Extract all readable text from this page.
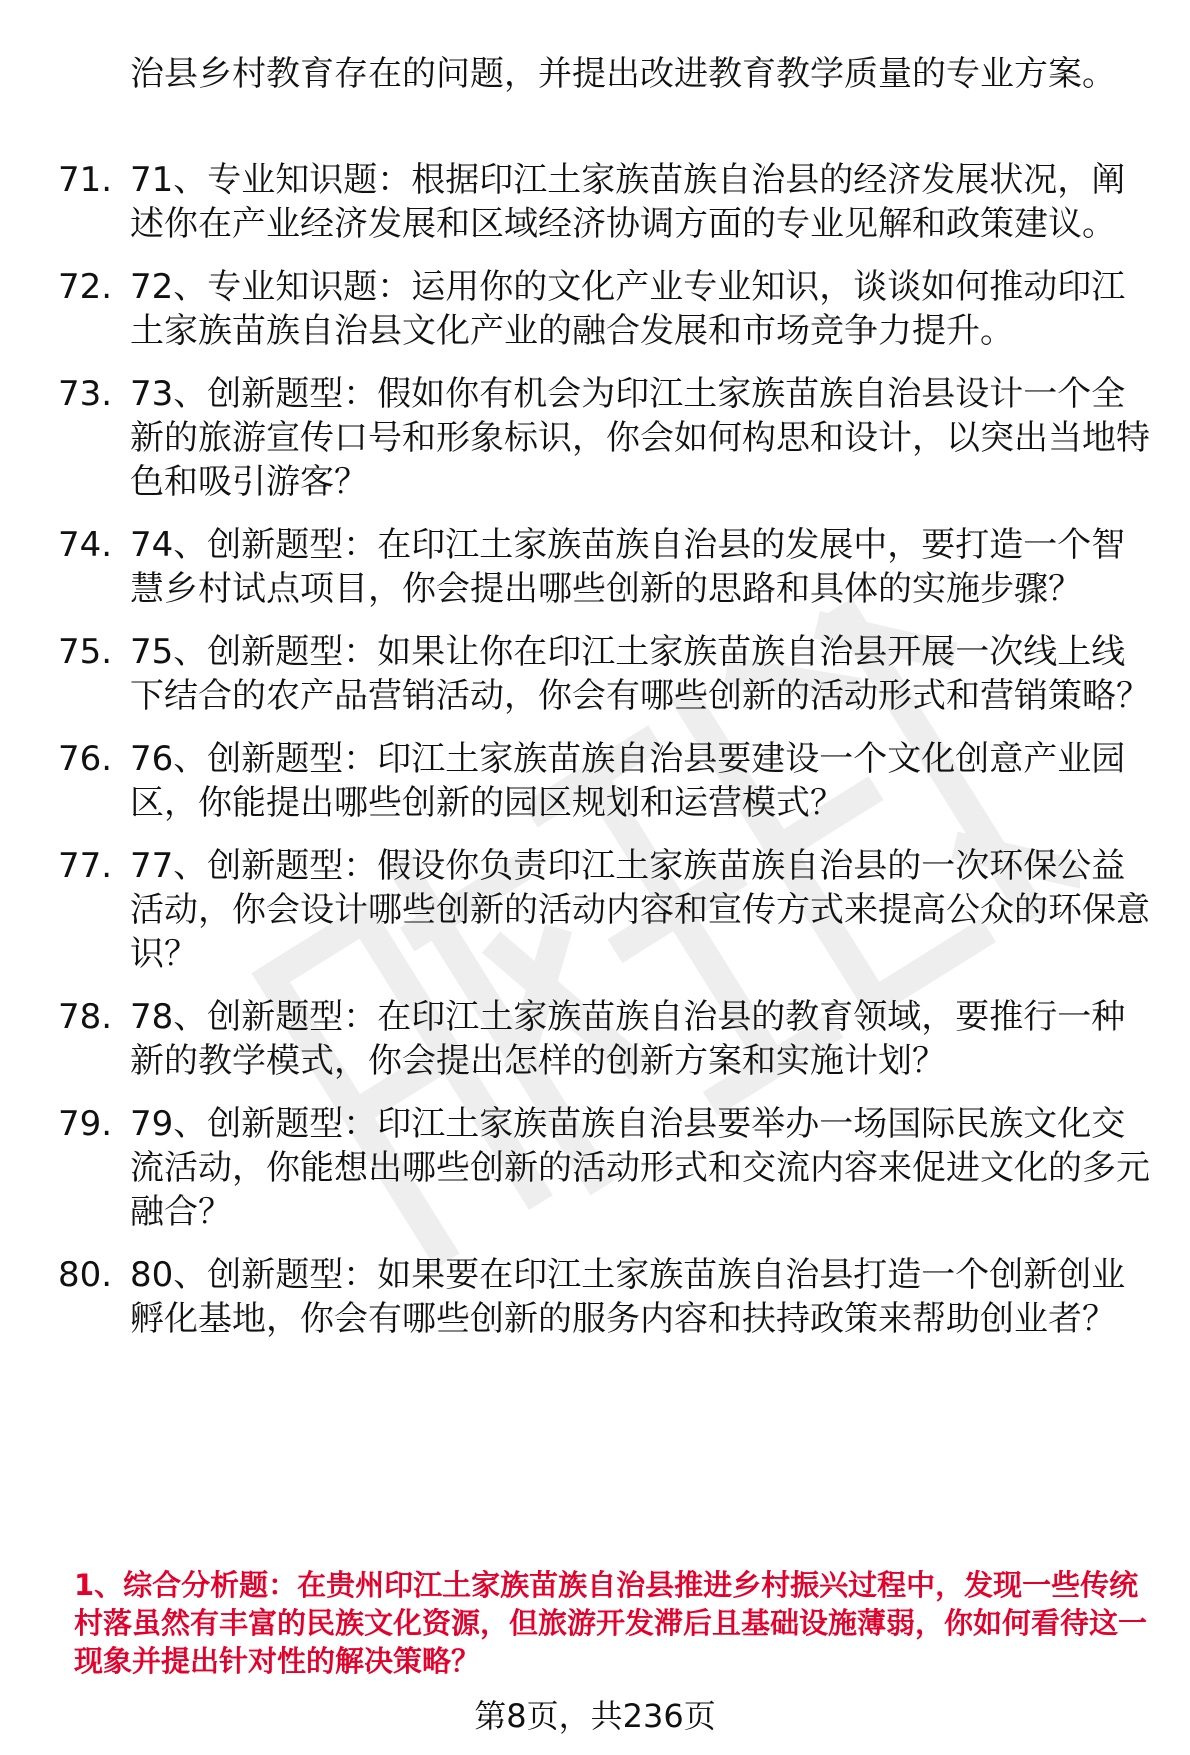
治县乡村教育存在的问题，并提出改进教育教学质量的专业方案。

71. 71、专业知识题：根据印江土家族苗族自治县的经济发展状况，阐述你在产业经济发展和区域经济协调方面的专业见解和政策建议。
72. 72、专业知识题：运用你的文化产业专业知识，谈谈如何推动印江土家族苗族自治县文化产业的融合发展和市场竞争力提升。
73. 73、创新题型：假如你有机会为印江土家族苗族自治县设计一个全新的旅游宣传口号和形象标识，你会如何构思和设计，以突出当地特色和吸引游客？
74. 74、创新题型：在印江土家族苗族自治县的发展中，要打造一个智慧乡村试点项目，你会提出哪些创新的思路和具体的实施步骤？
75. 75、创新题型：如果让你在印江土家族苗族自治县开展一次线上线下结合的农产品营销活动，你会有哪些创新的活动形式和营销策略？
76. 76、创新题型：印江土家族苗族自治县要建设一个文化创意产业园区，你能提出哪些创新的园区规划和运营模式？
77. 77、创新题型：假设你负责印江土家族苗族自治县的一次环保公益活动，你会设计哪些创新的活动内容和宣传方式来提高公众的环保意识？
78. 78、创新题型：在印江土家族苗族自治县的教育领域，要推行一种新的教学模式，你会提出怎样的创新方案和实施计划？
79. 79、创新题型：印江土家族苗族自治县要举办一场国际民族文化交流活动，你能想出哪些创新的活动形式和交流内容来促进文化的多元融合？
80. 80、创新题型：如果要在印江土家族苗族自治县打造一个创新创业孵化基地，你会有哪些创新的服务内容和扶持政策来帮助创业者？

1、综合分析题：在贵州印江土家族苗族自治县推进乡村振兴过程中，发现一些传统村落虽然有丰富的民族文化资源，但旅游开发滞后且基础设施薄弱，你如何看待这一现象并提出针对性的解决策略？

第8页，共236页
